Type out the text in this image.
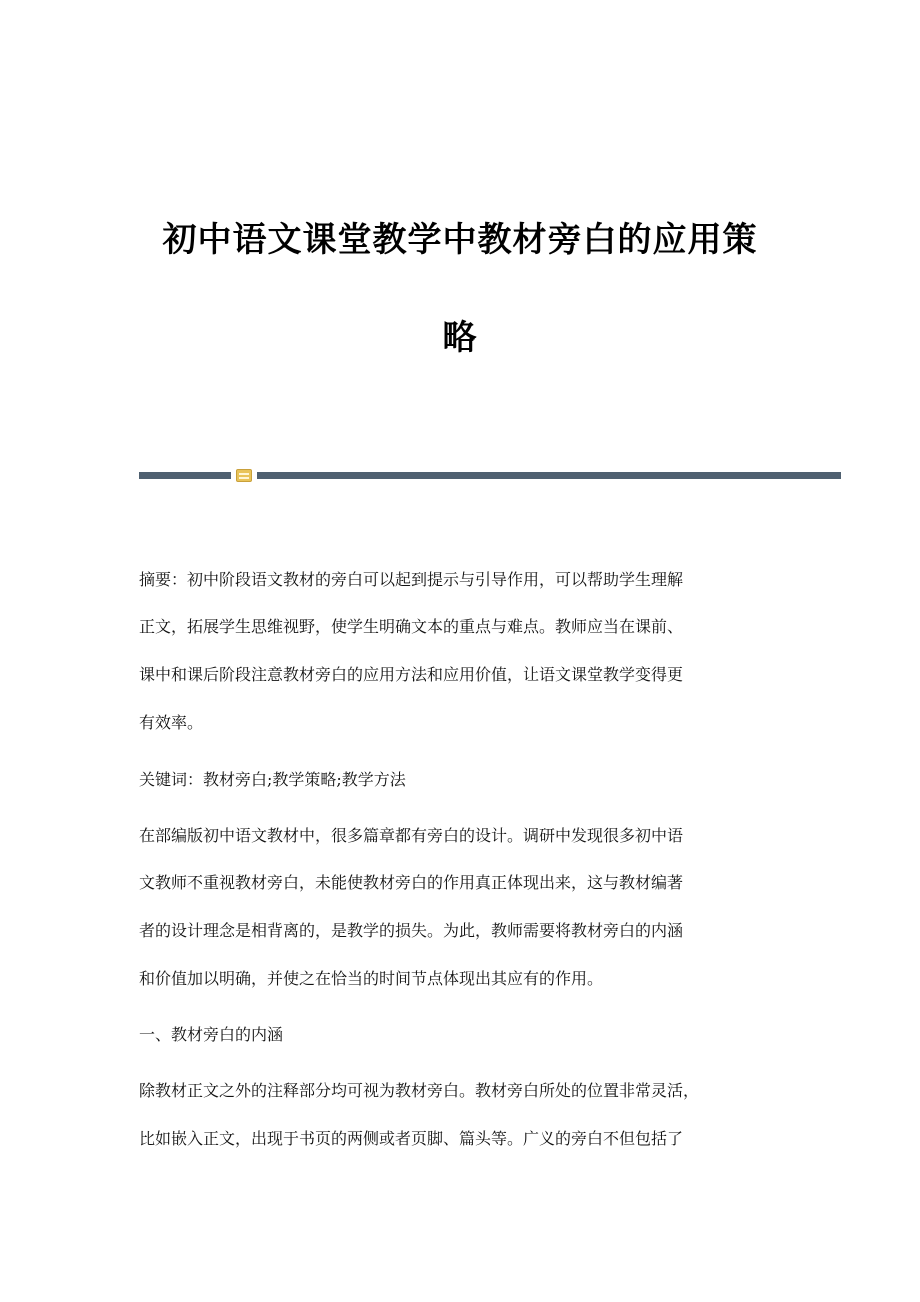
初中语文课堂教学中教材旁白的应用策
略
摘要：初中阶段语文教材的旁白可以起到提示与引导作用，可以帮助学生理解
正文，拓展学生思维视野，使学生明确文本的重点与难点。教师应当在课前、
课中和课后阶段注意教材旁白的应用方法和应用价值，让语文课堂教学变得更
有效率。
关键词：教材旁白;教学策略;教学方法
在部编版初中语文教材中，很多篇章都有旁白的设计。调研中发现很多初中语
文教师不重视教材旁白，未能使教材旁白的作用真正体现出来，这与教材编著
者的设计理念是相背离的，是教学的损失。为此，教师需要将教材旁白的内涵
和价值加以明确，并使之在恰当的时间节点体现出其应有的作用。
一、教材旁白的内涵
除教材正文之外的注释部分均可视为教材旁白。教材旁白所处的位置非常灵活，
比如嵌入正文，出现于书页的两侧或者页脚、篇头等。广义的旁白不但包括了
